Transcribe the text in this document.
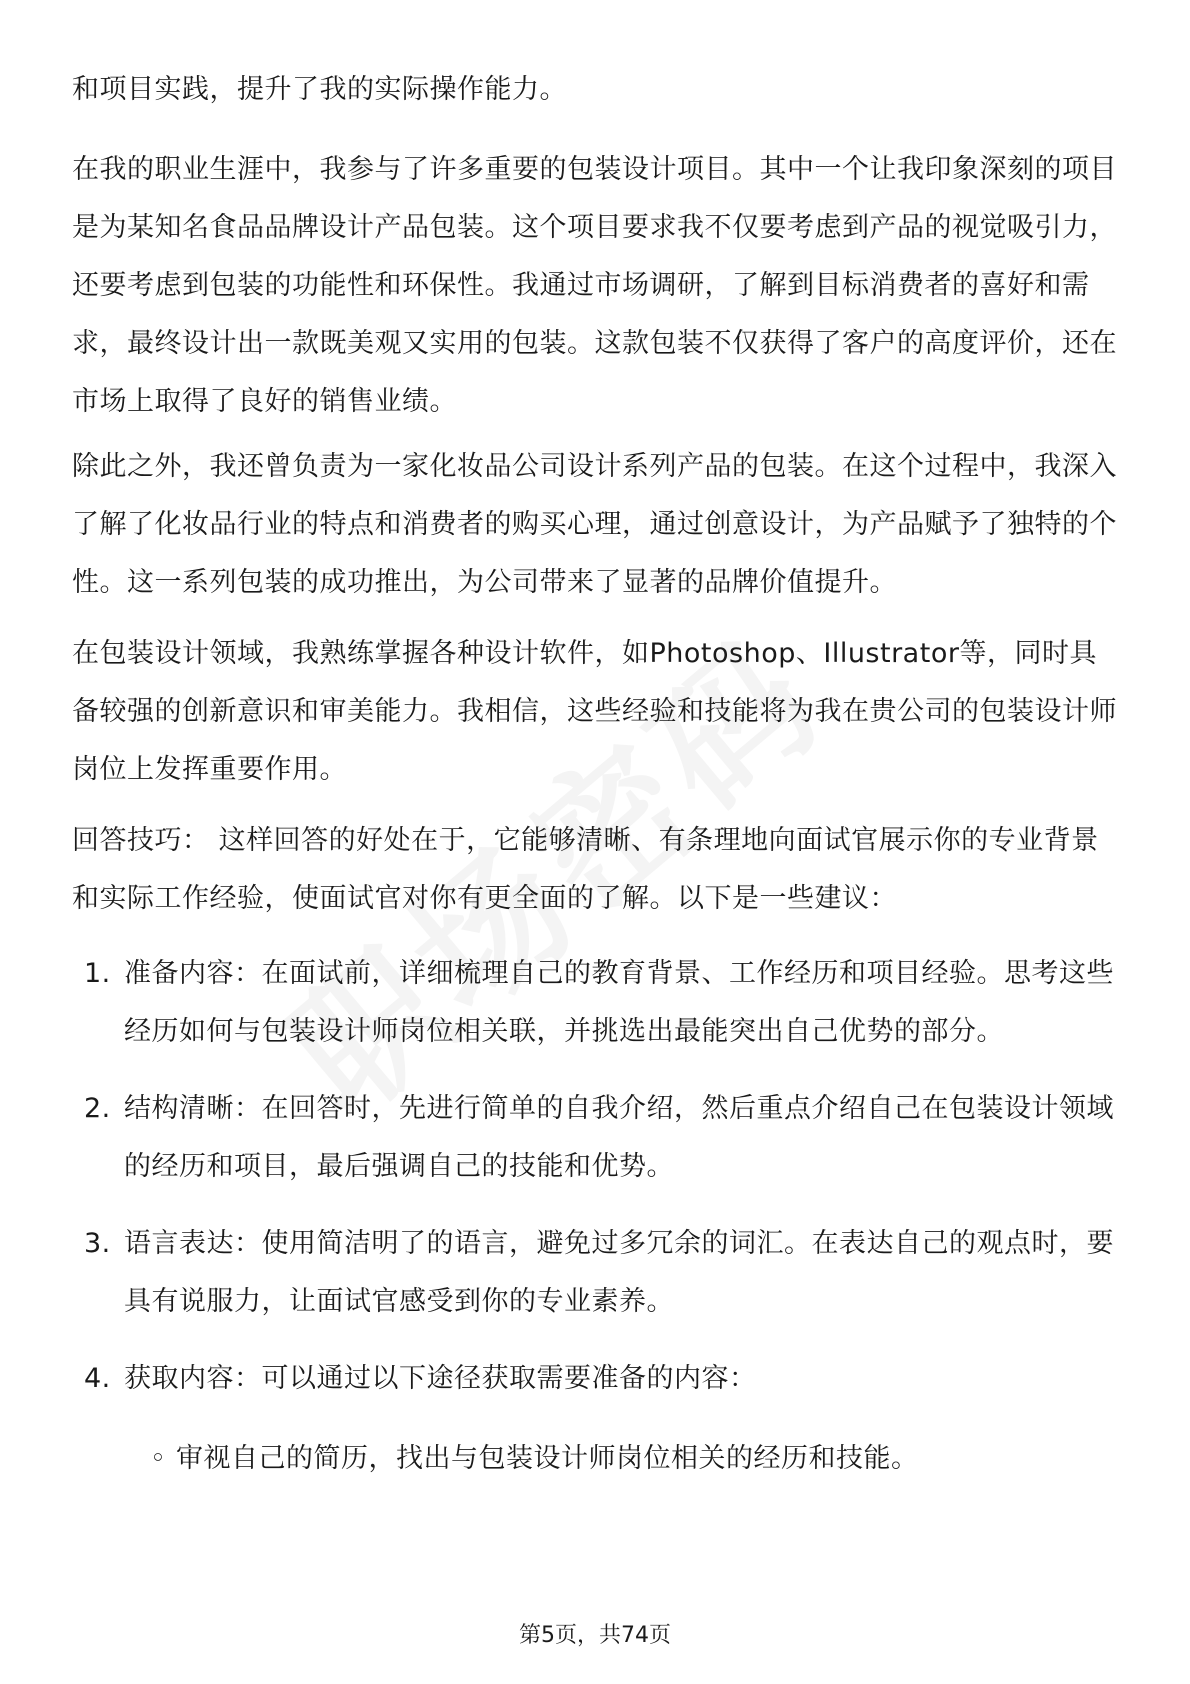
和项目实践，提升了我的实际操作能力。

在我的职业生涯中，我参与了许多重要的包装设计项目。其中一个让我印象深刻的项目是为某知名食品品牌设计产品包装。这个项目要求我不仅要考虑到产品的视觉吸引力，还要考虑到包装的功能性和环保性。我通过市场调研，了解到目标消费者的喜好和需求，最终设计出一款既美观又实用的包装。这款包装不仅获得了客户的高度评价，还在市场上取得了良好的销售业绩。

除此之外，我还曾负责为一家化妆品公司设计系列产品的包装。在这个过程中，我深入了解了化妆品行业的特点和消费者的购买心理，通过创意设计，为产品赋予了独特的个性。这一系列包装的成功推出，为公司带来了显著的品牌价值提升。

在包装设计领域，我熟练掌握各种设计软件，如Photoshop、Illustrator等，同时具备较强的创新意识和审美能力。我相信，这些经验和技能将为我在贵公司的包装设计师岗位上发挥重要作用。

回答技巧： 这样回答的好处在于，它能够清晰、有条理地向面试官展示你的专业背景和实际工作经验，使面试官对你有更全面的了解。以下是一些建议：

1. 准备内容：在面试前，详细梳理自己的教育背景、工作经历和项目经验。思考这些经历如何与包装设计师岗位相关联，并挑选出最能突出自己优势的部分。
2. 结构清晰：在回答时，先进行简单的自我介绍，然后重点介绍自己在包装设计领域的经历和项目，最后强调自己的技能和优势。
3. 语言表达：使用简洁明了的语言，避免过多冗余的词汇。在表达自己的观点时，要具有说服力，让面试官感受到你的专业素养。
4. 获取内容：可以通过以下途径获取需要准备的内容：
◦ 审视自己的简历，找出与包装设计师岗位相关的经历和技能。
第5页，共74页
